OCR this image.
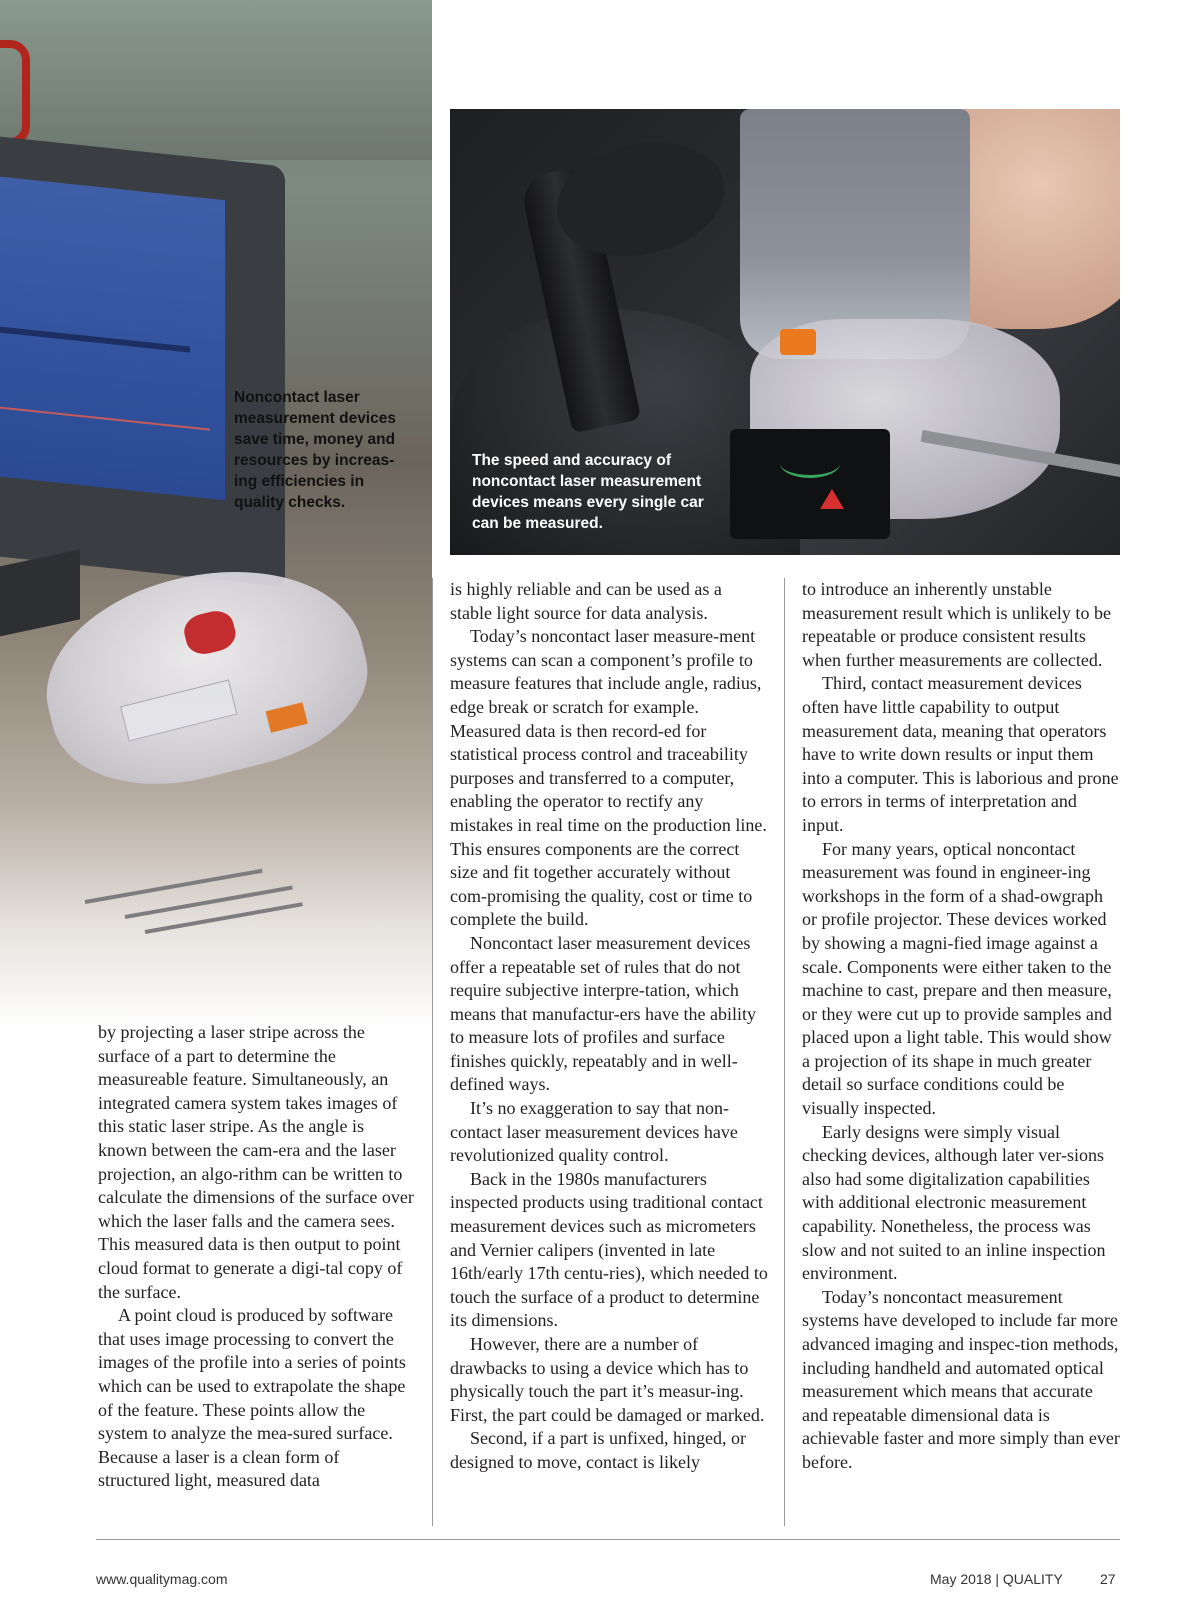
Noncontact laser measurement devices save time, money and resources by increas-ing efficiencies in quality checks.
The speed and accuracy of noncontact laser measurement devices means every single car can be measured.

by projecting a laser stripe across the surface of a part to determine the measureable feature. Simultaneously, an integrated camera system takes images of this static laser stripe. As the angle is known between the cam-era and the laser projection, an algo-rithm can be written to calculate the dimensions of the surface over which the laser falls and the camera sees. This measured data is then output to point cloud format to generate a digi-tal copy of the surface.

A point cloud is produced by software that uses image processing to convert the images of the profile into a series of points which can be used to extrapolate the shape of the feature. These points allow the system to analyze the mea-sured surface. Because a laser is a clean form of structured light, measured data

is highly reliable and can be used as a stable light source for data analysis.

Today’s noncontact laser measure-ment systems can scan a component’s profile to measure features that include angle, radius, edge break or scratch for example. Measured data is then record-ed for statistical process control and traceability purposes and transferred to a computer, enabling the operator to rectify any mistakes in real time on the production line. This ensures components are the correct size and fit together accurately without com-promising the quality, cost or time to complete the build.

Noncontact laser measurement devices offer a repeatable set of rules that do not require subjective interpre-tation, which means that manufactur-ers have the ability to measure lots of profiles and surface finishes quickly, repeatably and in well-defined ways.

It’s no exaggeration to say that non-contact laser measurement devices have revolutionized quality control.

Back in the 1980s manufacturers inspected products using traditional contact measurement devices such as micrometers and Vernier calipers (invented in late 16th/early 17th centu-ries), which needed to touch the surface of a product to determine its dimensions.

However, there are a number of drawbacks to using a device which has to physically touch the part it’s measur-ing. First, the part could be damaged or marked.

Second, if a part is unfixed, hinged, or designed to move, contact is likely

to introduce an inherently unstable measurement result which is unlikely to be repeatable or produce consistent results when further measurements are collected.

Third, contact measurement devices often have little capability to output measurement data, meaning that operators have to write down results or input them into a computer. This is laborious and prone to errors in terms of interpretation and input.

For many years, optical noncontact measurement was found in engineer-ing workshops in the form of a shad-owgraph or profile projector. These devices worked by showing a magni-fied image against a scale. Components were either taken to the machine to cast, prepare and then measure, or they were cut up to provide samples and placed upon a light table. This would show a projection of its shape in much greater detail so surface conditions could be visually inspected.

Early designs were simply visual checking devices, although later ver-sions also had some digitalization capabilities with additional electronic measurement capability. Nonetheless, the process was slow and not suited to an inline inspection environment.

Today’s noncontact measurement systems have developed to include far more advanced imaging and inspec-tion methods, including handheld and automated optical measurement which means that accurate and repeatable dimensional data is achievable faster and more simply than ever before.

www.qualitymag.com	May 2018 | QUALITY	27
